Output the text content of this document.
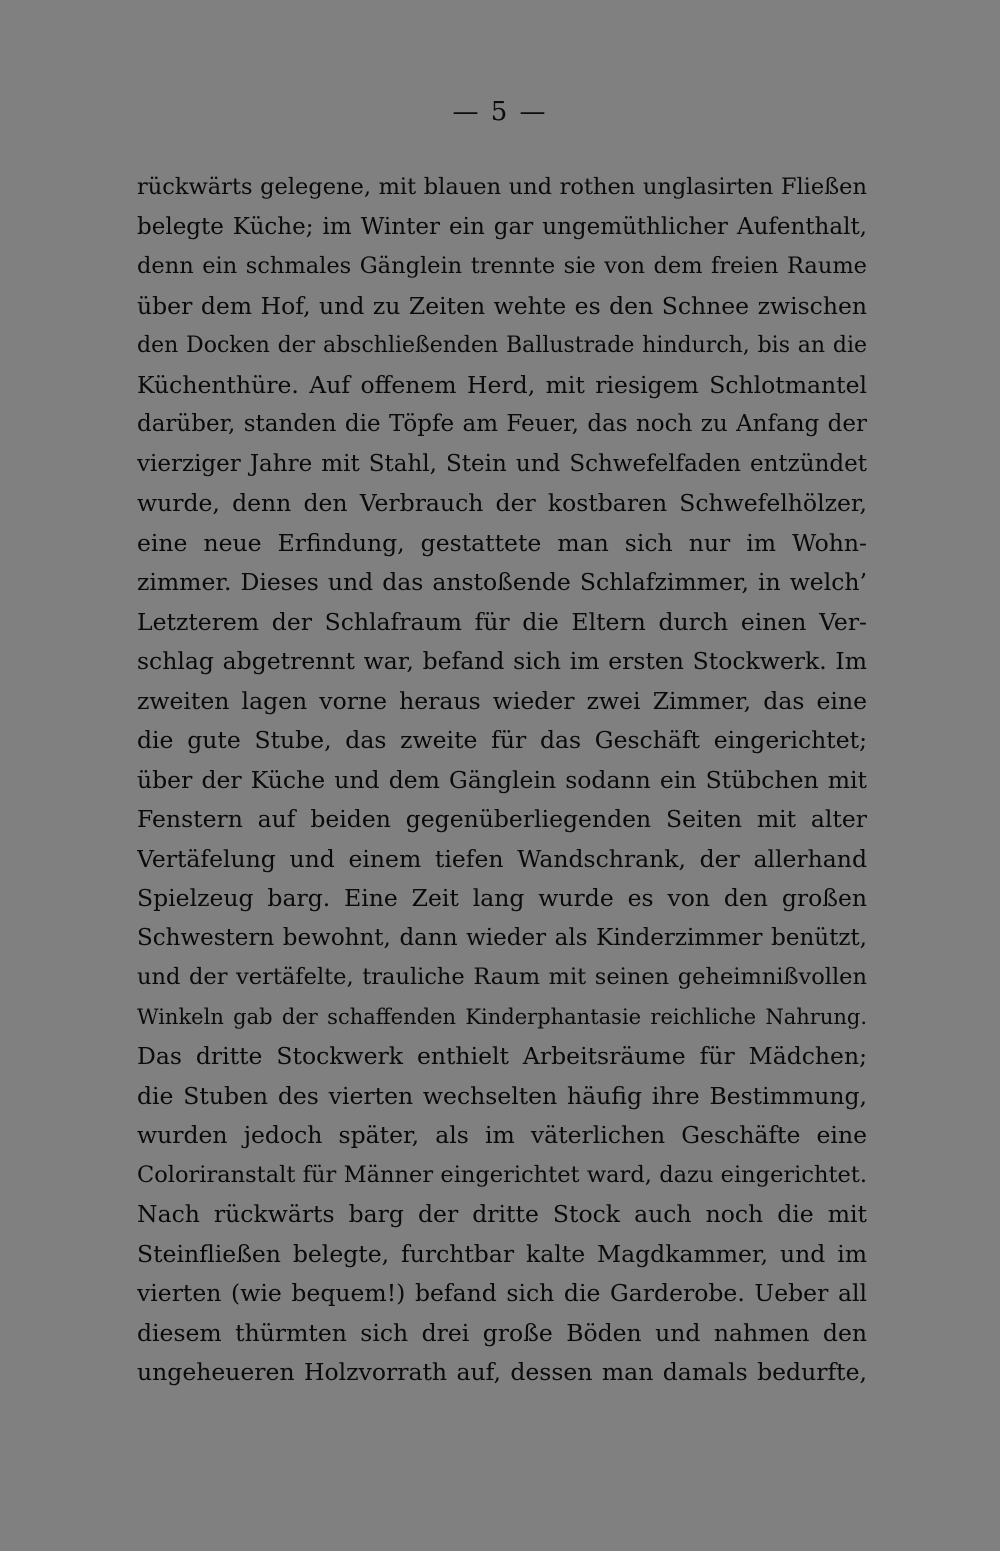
— 5 —
rückwärts gelegene, mit blauen und rothen unglasirten Fließen
belegte Küche; im Winter ein gar ungemüthlicher Aufenthalt,
denn ein schmales Gänglein trennte sie von dem freien Raume
über dem Hof, und zu Zeiten wehte es den Schnee zwischen
den Docken der abschließenden Ballustrade hindurch, bis an die
Küchenthüre. Auf offenem Herd, mit riesigem Schlotmantel
darüber, standen die Töpfe am Feuer, das noch zu Anfang der
vierziger Jahre mit Stahl, Stein und Schwefelfaden entzündet
wurde, denn den Verbrauch der kostbaren Schwefelhölzer,
eine neue Erfindung, gestattete man sich nur im Wohn-
zimmer. Dieses und das anstoßende Schlafzimmer, in welch’
Letzterem der Schlafraum für die Eltern durch einen Ver-
schlag abgetrennt war, befand sich im ersten Stockwerk. Im
zweiten lagen vorne heraus wieder zwei Zimmer, das eine
die gute Stube, das zweite für das Geschäft eingerichtet;
über der Küche und dem Gänglein sodann ein Stübchen mit
Fenstern auf beiden gegenüberliegenden Seiten mit alter
Vertäfelung und einem tiefen Wandschrank, der allerhand
Spielzeug barg. Eine Zeit lang wurde es von den großen
Schwestern bewohnt, dann wieder als Kinderzimmer benützt,
und der vertäfelte, trauliche Raum mit seinen geheimnißvollen
Winkeln gab der schaffenden Kinderphantasie reichliche Nahrung.
Das dritte Stockwerk enthielt Arbeitsräume für Mädchen;
die Stuben des vierten wechselten häufig ihre Bestimmung,
wurden jedoch später, als im väterlichen Geschäfte eine
Coloriranstalt für Männer eingerichtet ward, dazu eingerichtet.
Nach rückwärts barg der dritte Stock auch noch die mit
Steinfließen belegte, furchtbar kalte Magdkammer, und im
vierten (wie bequem!) befand sich die Garderobe. Ueber all
diesem thürmten sich drei große Böden und nahmen den
ungeheueren Holzvorrath auf, dessen man damals bedurfte,
